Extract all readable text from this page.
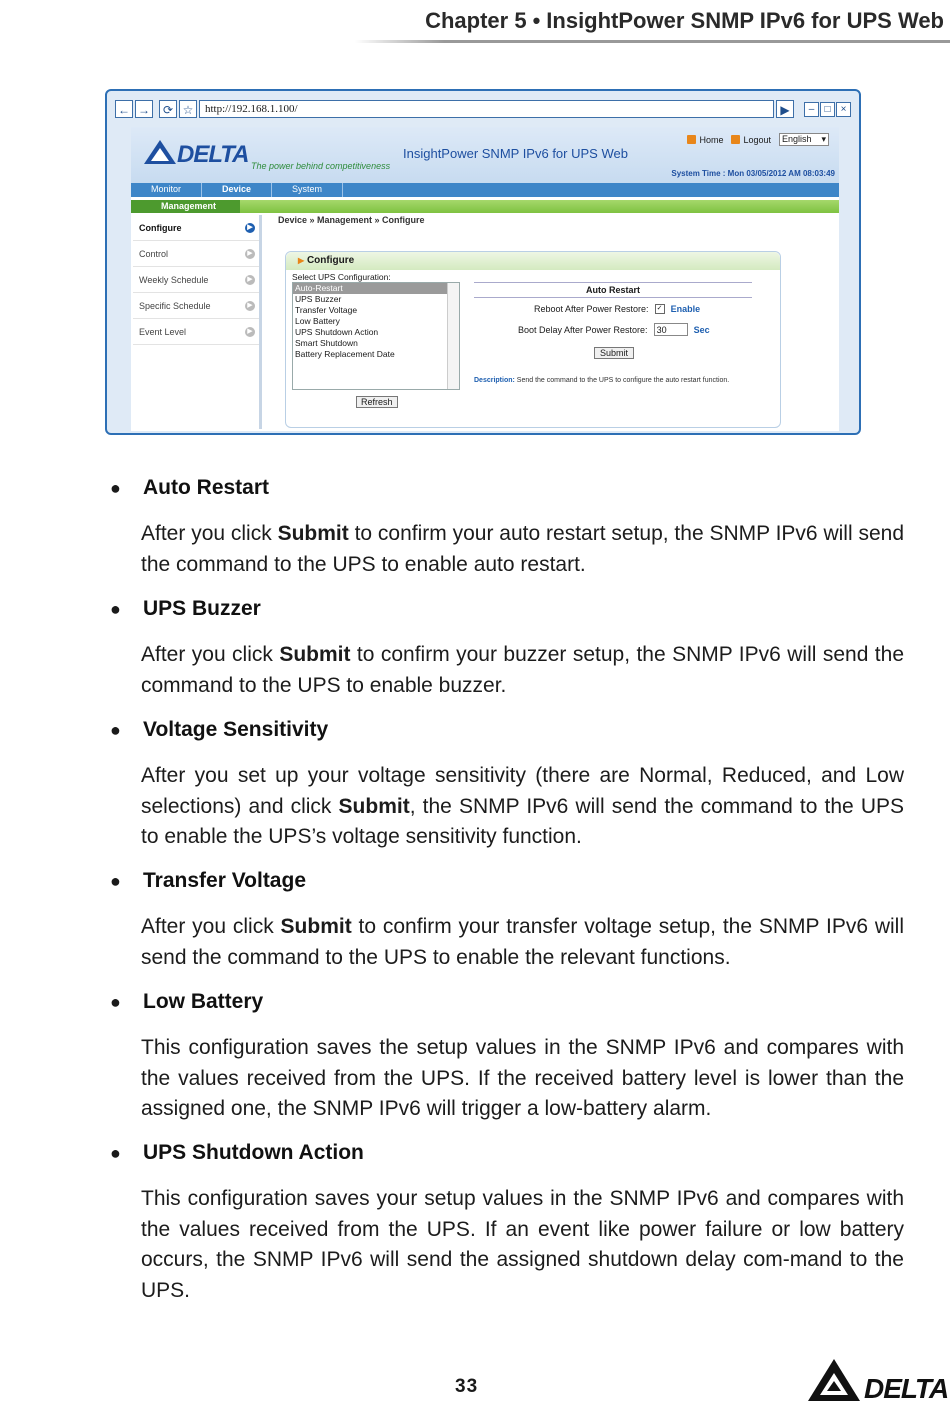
Chapter 5 • InsightPower SNMP IPv6 for UPS Web
← →	⟳ ☆	http://192.168.1.100/	▶	–	□	×
DELTA The power behind competitiveness
InsightPower SNMP IPv6 for UPS Web
Home Logout English ▾
System Time : Mon 03/05/2012 AM 08:03:49
Monitor	Device	System
Management
Configure	▶
Control	▶
Weekly Schedule	▶
Specific Schedule	▶
Event Level	▶
Device » Management » Configure
▶ Configure
Select UPS Configuration:
Auto-Restart
UPS Buzzer
Transfer Voltage
Low Battery
UPS Shutdown Action
Smart Shutdown
Battery Replacement Date
Refresh
Auto Restart
Reboot After Power Restore: ✓ Enable
Boot Delay After Power Restore:	30	Sec
Submit
Description: Send the command to the UPS to configure the auto restart function.
● Auto Restart
After you click Submit to confirm your auto restart setup, the SNMP IPv6 will send the command to the UPS to enable auto restart.
● UPS Buzzer
After you click Submit to confirm your buzzer setup, the SNMP IPv6 will send the command to the UPS to enable buzzer.
● Voltage Sensitivity
After you set up your voltage sensitivity (there are Normal, Reduced, and Low selections) and click Submit, the SNMP IPv6 will send the command to the UPS to enable the UPS’s voltage sensitivity function.
● Transfer Voltage
After you click Submit to confirm your transfer voltage setup, the SNMP IPv6 will send the command to the UPS to enable the relevant functions.
● Low Battery
This configuration saves the setup values in the SNMP IPv6 and compares with the values received from the UPS. If the received battery level is lower than the assigned one, the SNMP IPv6 will trigger a low-battery alarm.
● UPS Shutdown Action
This configuration saves your setup values in the SNMP IPv6 and compares with the values received from the UPS. If an event like power failure or low battery occurs, the SNMP IPv6 will send the assigned shutdown delay com-mand to the UPS.
33	DELTA
